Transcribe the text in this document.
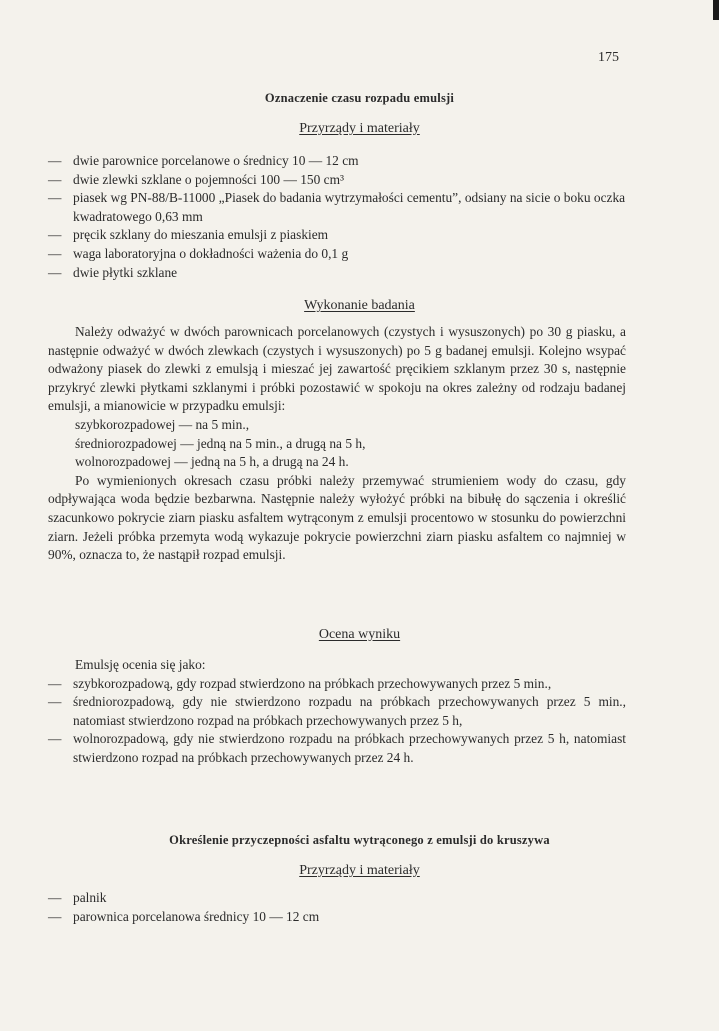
175
Oznaczenie czasu rozpadu emulsji
Przyrządy i materiały
— dwie parownice porcelanowe o średnicy 10 — 12 cm
— dwie zlewki szklane o pojemności 100 — 150 cm³
— piasek wg PN-88/B-11000 „Piasek do badania wytrzymałości cementu”, odsiany na sicie o boku oczka kwadratowego 0,63 mm
— pręcik szklany do mieszania emulsji z piaskiem
— waga laboratoryjna o dokładności ważenia do 0,1 g
— dwie płytki szklane
Wykonanie badania

Należy odważyć w dwóch parownicach porcelanowych (czystych i wysuszonych) po 30 g piasku, a następnie odważyć w dwóch zlewkach (czystych i wysuszonych) po 5 g badanej emulsji. Kolejno wsypać odważony piasek do zlewki z emulsją i mieszać jej zawartość pręcikiem szklanym przez 30 s, następnie przykryć zlewki płytkami szklanymi i próbki pozostawić w spokoju na okres zależny od rodzaju badanej emulsji, a mianowicie w przypadku emulsji:

szybkorozpadowej — na 5 min.,
średniorozpadowej — jedną na 5 min., a drugą na 5 h,
wolnorozpadowej — jedną na 5 h, a drugą na 24 h.

Po wymienionych okresach czasu próbki należy przemywać strumieniem wody do czasu, gdy odpływająca woda będzie bezbarwna. Następnie należy wyłożyć próbki na bibułę do sączenia i określić szacunkowo pokrycie ziarn piasku asfaltem wytrąconym z emulsji procentowo w stosunku do powierzchni ziarn. Jeżeli próbka przemyta wodą wykazuje pokrycie powierzchni ziarn piasku asfaltem co najmniej w 90%, oznacza to, że nastąpił rozpad emulsji.

Ocena wyniku
Emulsję ocenia się jako:
— szybkorozpadową, gdy rozpad stwierdzono na próbkach przechowywanych przez 5 min.,
— średniorozpadową, gdy nie stwierdzono rozpadu na próbkach przechowywanych przez 5 min., natomiast stwierdzono rozpad na próbkach przechowywanych przez 5 h,
— wolnorozpadową, gdy nie stwierdzono rozpadu na próbkach przechowywanych przez 5 h, natomiast stwierdzono rozpad na próbkach przechowywanych przez 24 h.
Określenie przyczepności asfaltu wytrąconego z emulsji do kruszywa
Przyrządy i materiały
— palnik
— parownica porcelanowa średnicy 10 — 12 cm
